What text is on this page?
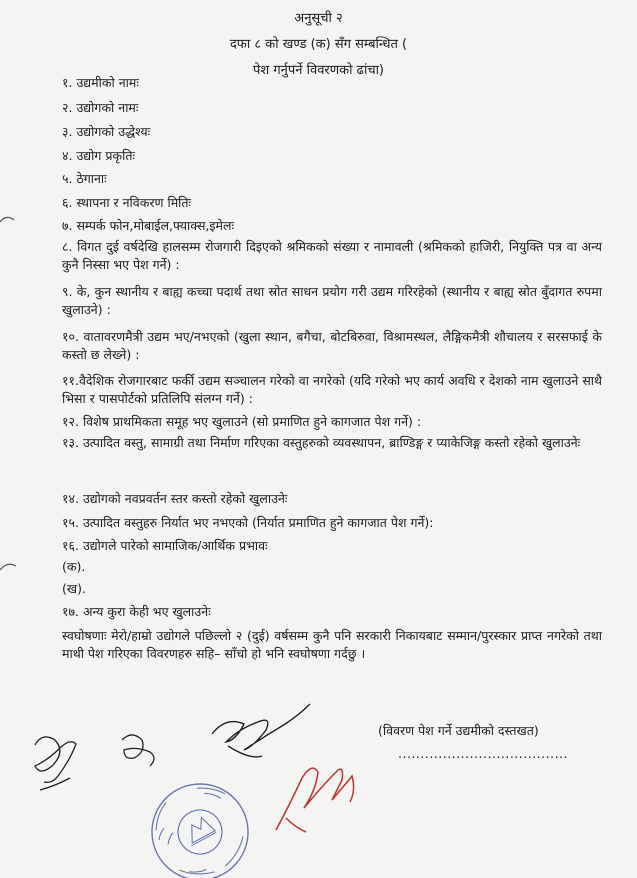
अनुसूची २
दफा ८ को खण्ड (क) सँग सम्बन्धित (
पेश गर्नुपर्ने विवरणको ढांचा)
१. उद्यमीको नामः
२. उद्योगको नामः
३. उद्योगको उद्धेश्यः
४. उद्योग प्रकृतिः
५. ठेगानाः
६. स्थापना र नविकरण मितिः
७. सम्पर्क फोन,मोबाईल,फ्याक्स,इमेलः
८. विगत दुई वर्षदेखि हालसम्म रोजगारी दिइएको श्रमिकको संख्या र नामावली (श्रमिकको हाजिरी, नियुक्ति पत्र वा अन्य कुनै निस्सा भए पेश गर्ने) :
९. के, कुन स्थानीय र बाह्य कच्चा पदार्थ तथा स्रोत साधन प्रयोग गरी उद्यम गरिरहेको (स्थानीय र बाह्य स्रोत बुँदागत रुपमा खुलाउने) :
१०. वातावरणमैत्री उद्यम भए/नभएको (खुला स्थान, बगैचा, बोटबिरुवा, विश्रामस्थल, लैङ्गिकमैत्री शौचालय र सरसफाई के कस्तो छ लेख्ने) :
११.वैदेशिक रोजगारबाट फर्की उद्यम सञ्चालन गरेको वा नगरेको (यदि गरेको भए कार्य अवधि र देशको नाम खुलाउने साथै भिसा र पासपोर्टको प्रतिलिपि संलग्न गर्ने) :
१२. विशेष प्राथमिकता समूह भए खुलाउने (सो प्रमाणित हुने कागजात पेश गर्ने) :
१३. उत्पादित वस्तु, सामाग्री तथा निर्माण गरिएका वस्तुहरुको व्यवस्थापन, ब्राण्डिङ्ग र प्याकेजिङ्ग कस्तो रहेको खुलाउनेः
१४. उद्योगको नवप्रवर्तन स्तर कस्तो रहेको खुलाउनेः
१५. उत्पादित वस्तुहरु निर्यात भए नभएको (निर्यात प्रमाणित हुने कागजात पेश गर्ने):
१६. उद्योगले पारेको सामाजिक/आर्थिक प्रभावः
(क).
(ख).
१७. अन्य कुरा केही भए खुलाउनेः
स्वघोषणाः मेरो/हाम्रो उद्योगले पछिल्लो २ (दुई) वर्षसम्म कुनै पनि सरकारी निकायबाट सम्मान/पुरस्कार प्राप्त नगरेको तथा माथी पेश गरिएका विवरणहरु सहि– साँचो हो भनि स्वघोषणा गर्दछु ।
(विवरण पेश गर्ने उद्यमीको दस्तखत)
......................................
